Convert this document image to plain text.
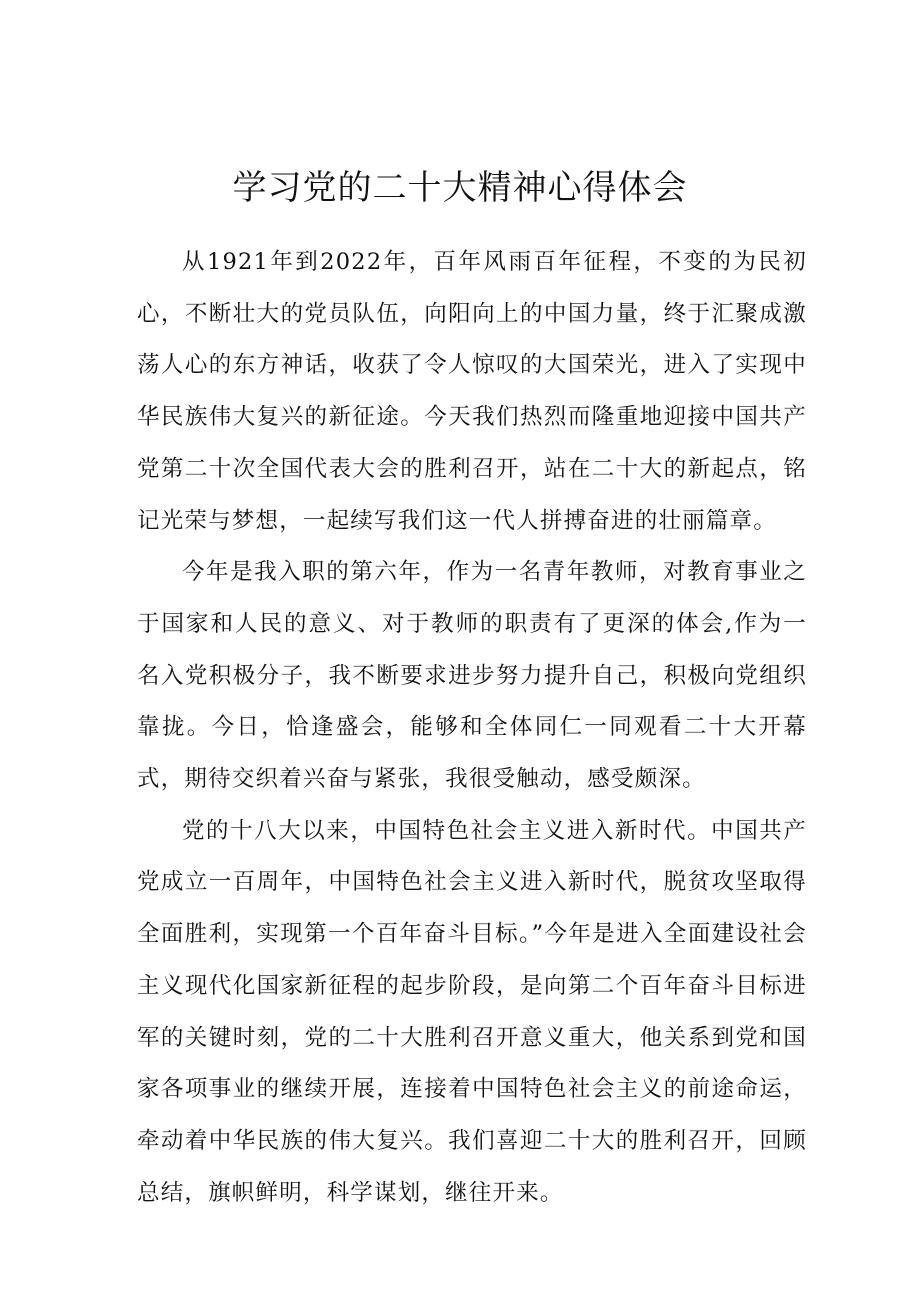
学习党的二十大精神心得体会

从1921年到2022年，百年风雨百年征程，不变的为民初心，不断壮大的党员队伍，向阳向上的中国力量，终于汇聚成激荡人心的东方神话，收获了令人惊叹的大国荣光，进入了实现中华民族伟大复兴的新征途。今天我们热烈而隆重地迎接中国共产党第二十次全国代表大会的胜利召开，站在二十大的新起点，铭记光荣与梦想，一起续写我们这一代人拼搏奋进的壮丽篇章。

今年是我入职的第六年，作为一名青年教师，对教育事业之于国家和人民的意义、对于教师的职责有了更深的体会,作为一名入党积极分子，我不断要求进步努力提升自己，积极向党组织靠拢。今日，恰逢盛会，能够和全体同仁一同观看二十大开幕式，期待交织着兴奋与紧张，我很受触动，感受颇深。

党的十八大以来，中国特色社会主义进入新时代。中国共产党成立一百周年，中国特色社会主义进入新时代，脱贫攻坚取得全面胜利，实现第一个百年奋斗目标。”今年是进入全面建设社会主义现代化国家新征程的起步阶段，是向第二个百年奋斗目标进军的关键时刻，党的二十大胜利召开意义重大，他关系到党和国家各项事业的继续开展，连接着中国特色社会主义的前途命运，牵动着中华民族的伟大复兴。我们喜迎二十大的胜利召开，回顾总结，旗帜鲜明，科学谋划，继往开来。
